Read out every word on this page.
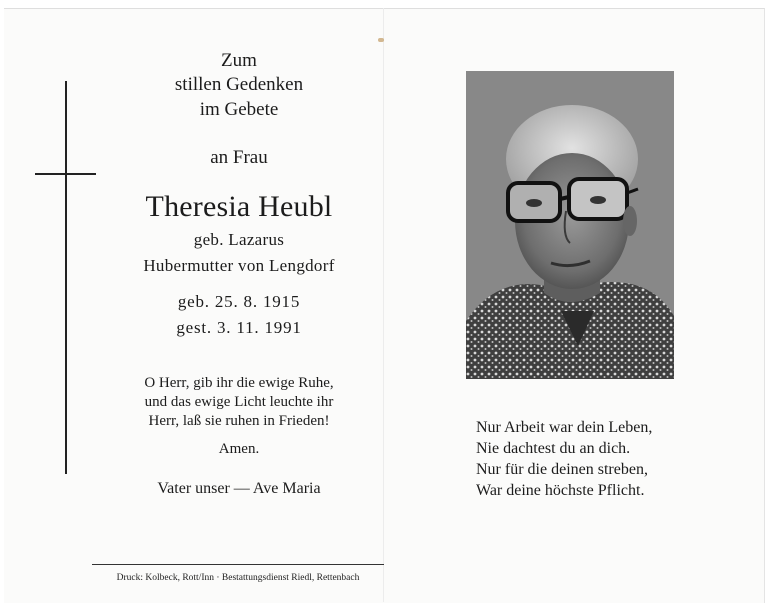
Zum
stillen Gedenken
im Gebete
an Frau
Theresia Heubl
geb. Lazarus
Hubermutter von Lengdorf
geb. 25. 8. 1915
gest. 3. 11. 1991
O Herr, gib ihr die ewige Ruhe,
und das ewige Licht leuchte ihr
Herr, laß sie ruhen in Frieden!
Amen.
Vater unser — Ave Maria
Druck: Kolbeck, Rott/Inn · Bestattungsdienst Riedl, Rettenbach
Nur Arbeit war dein Leben,
Nie dachtest du an dich.
Nur für die deinen streben,
War deine höchste Pflicht.
